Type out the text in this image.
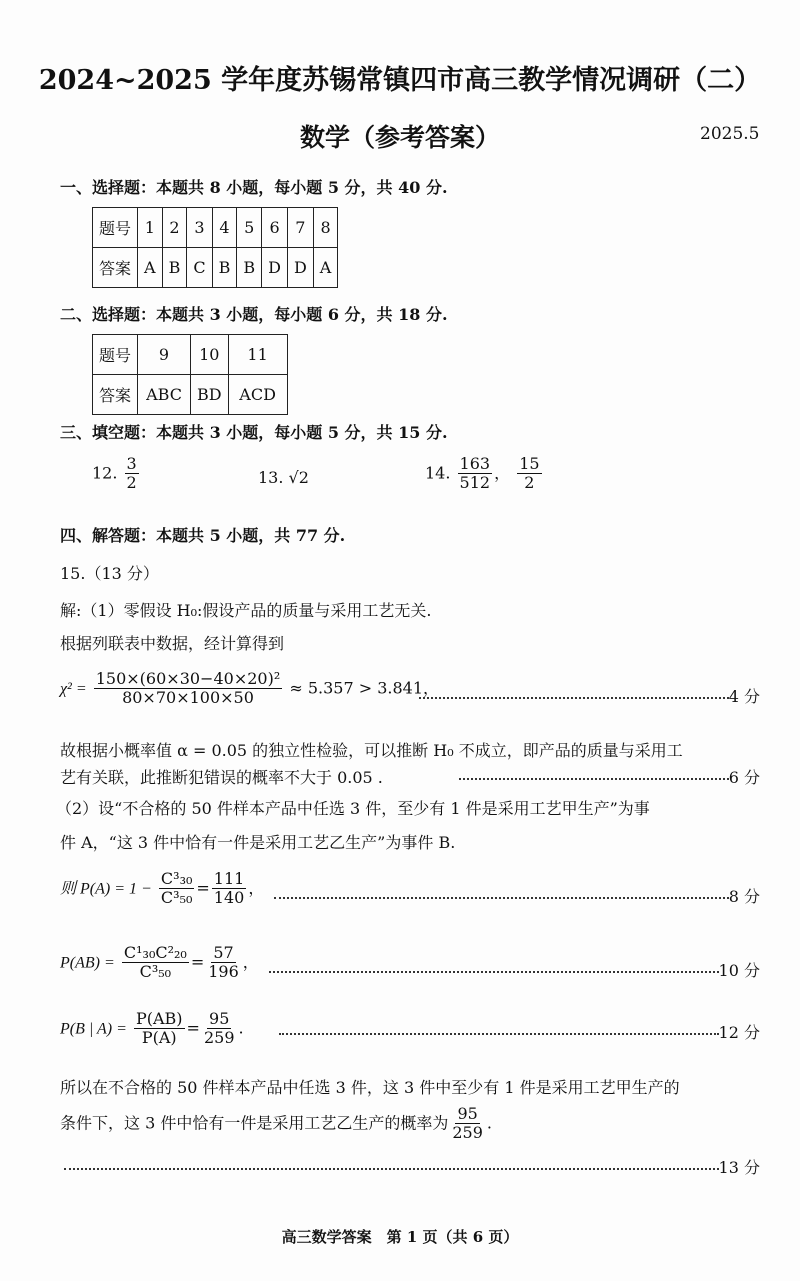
2024~2025 学年度苏锡常镇四市高三教学情况调研（二）
数学（参考答案）	2025.5
一、选择题：本题共 8 小题，每小题 5 分，共 40 分.
题号	1	2	3	4	5	6	7	8
答案	A	B	C	B	B	D	D	A
二、选择题：本题共 3 小题，每小题 6 分，共 18 分.
题号	9	10	11
答案	ABC	BD	ACD
三、填空题：本题共 3 小题，每小题 5 分，共 15 分.
12. $\frac{3}{2}$	13. √2	14. $\frac{163}{512}$ ， $\frac{15}{2}$
四、解答题：本题共 5 小题，共 77 分.
15.（13 分）
解:（1）零假设 H₀:假设产品的质量与采用工艺无关.
根据列联表中数据，经计算得到
$\chi^2 = \frac{\text{150×(60×30−40×20)²}}{80\times 70\times 100\times 50} \approx 5.357 > 3.841$，	4 分
故根据小概率值 α = 0.05 的独立性检验，可以推断 H₀ 不成立，即产品的质量与采用工
艺有关联，此推断犯错误的概率不大于 0.05 .	6 分
（2）设“不合格的 50 件样本产品中任选 3 件，至少有 1 件是采用工艺甲生产”为事
件 A，“这 3 件中恰有一件是采用工艺乙生产”为事件 B.
则 $P(A) = 1 - \frac{\text{C³₃₀}}{\text{C³₅₀}} = \frac{111}{140}$ ，	8 分
$P(AB) = \frac{\text{C¹₃₀C²₂₀}}{\text{C³₅₀}} = \frac{57}{196}$ ，	10 分
P(B | $A) = \frac{P(AB)}{P(A)} = \frac{95}{259}$ .	12 分
所以在不合格的 50 件样本产品中任选 3 件，这 3 件中至少有 1 件是采用工艺甲生产的
条件下，这 3 件中恰有一件是采用工艺乙生产的概率为 $\frac{95}{259}$ .
13 分
高三数学答案　第 1 页（共 6 页）
